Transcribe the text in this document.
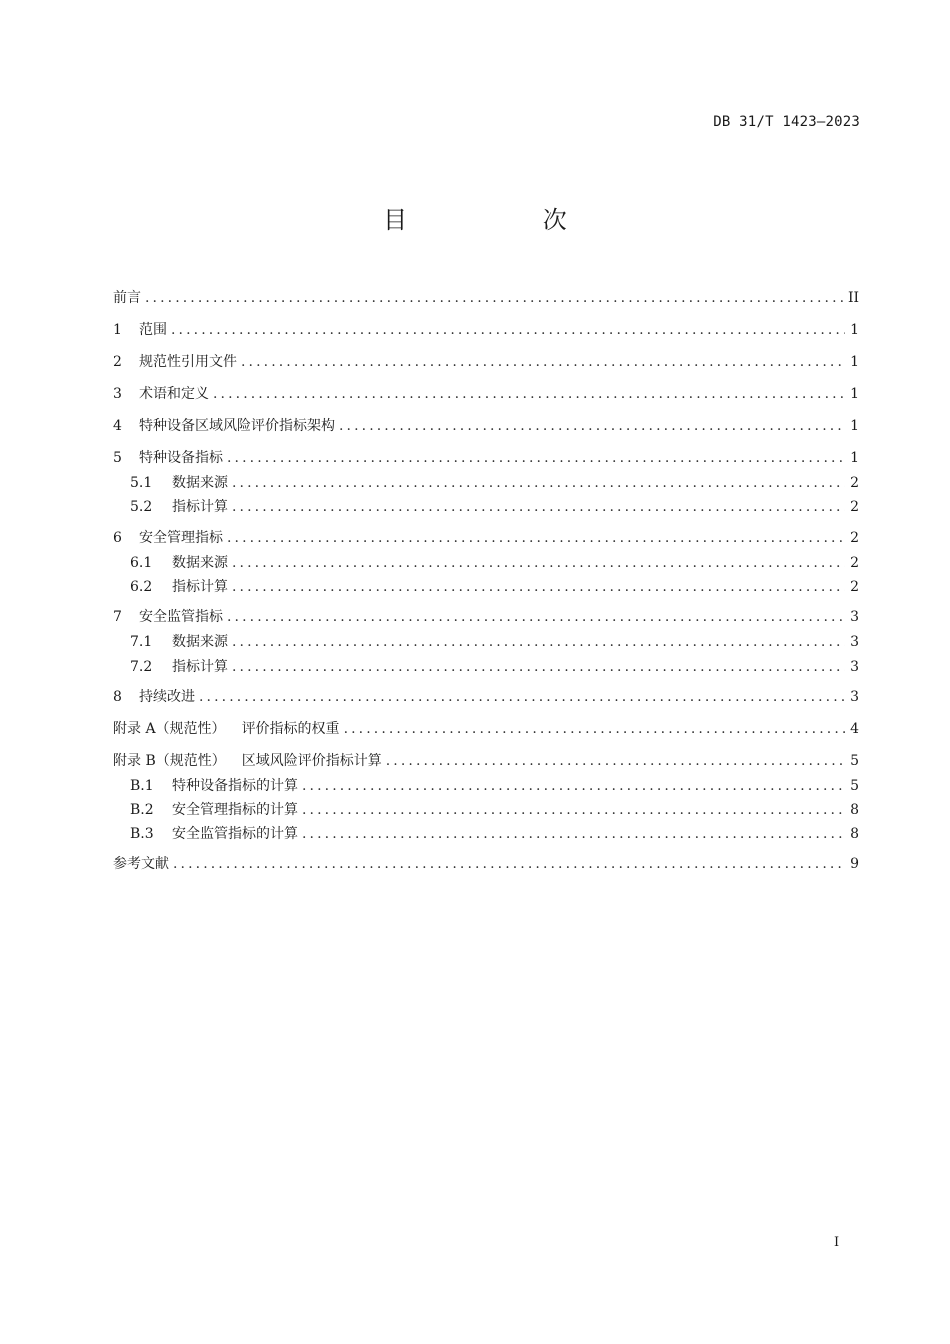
DB 31/T 1423—2023
目 次
前言 .....	II
1	范围 .....	1
2	规范性引用文件 .....	1
3	术语和定义 .....	1
4	特种设备区域风险评价指标架构 .....	1
5	特种设备指标 .....	1
5.1	数据来源 .....	2
5.2	指标计算 .....	2
6	安全管理指标 .....	2
6.1	数据来源 .....	2
6.2	指标计算 .....	2
7	安全监管指标 .....	3
7.1	数据来源 .....	3
7.2	指标计算 .....	3
8	持续改进 .....	3
附录 A（规范性） 评价指标的权重 .....	4
附录 B（规范性） 区域风险评价指标计算 .....	5
B.1	特种设备指标的计算 .....	5
B.2	安全管理指标的计算 .....	8
B.3	安全监管指标的计算 .....	8
参考文献 .....	9
I
